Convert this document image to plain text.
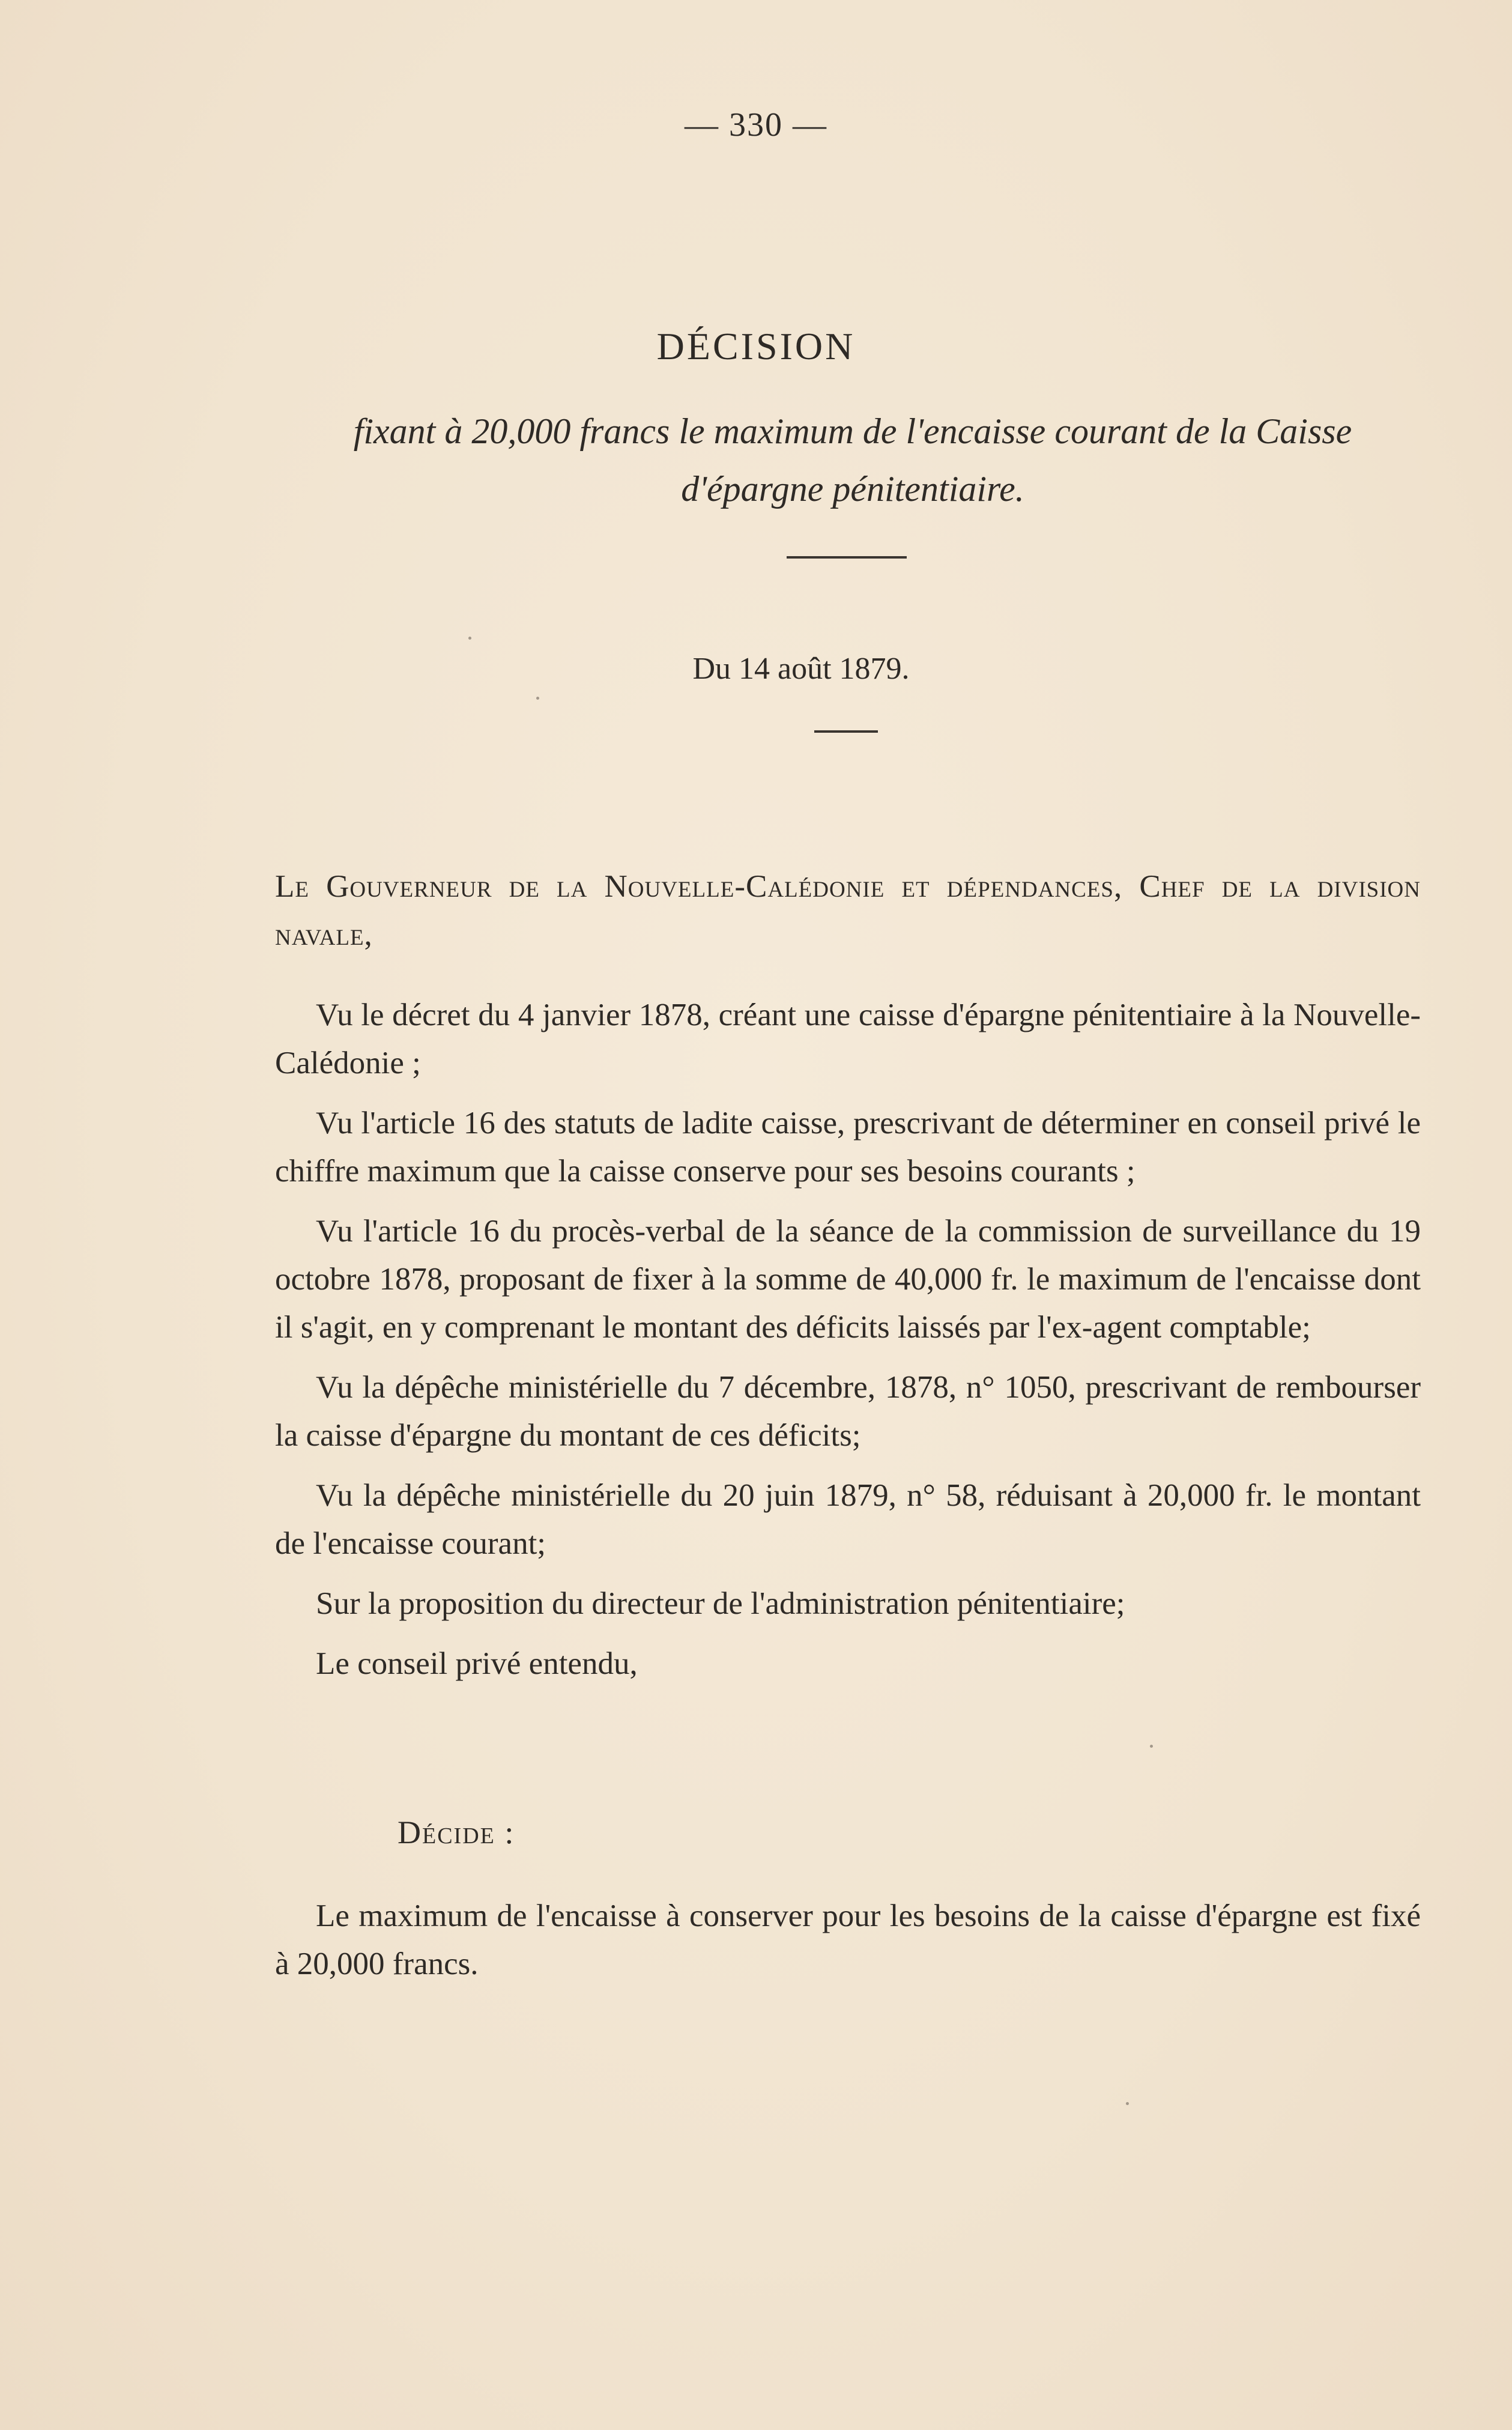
— 330 —
DÉCISION
fixant à 20,000 francs le maximum de l'encaisse courant de la Caisse d'épargne pénitentiaire.
Du 14 août 1879.
Le Gouverneur de la Nouvelle-Calédonie et dépendances, Chef de la division navale,

Vu le décret du 4 janvier 1878, créant une caisse d'épargne pénitentiaire à la Nouvelle-Calédonie ;

Vu l'article 16 des statuts de ladite caisse, prescrivant de déterminer en conseil privé le chiffre maximum que la caisse conserve pour ses besoins courants ;

Vu l'article 16 du procès-verbal de la séance de la commission de surveillance du 19 octobre 1878, proposant de fixer à la somme de 40,000 fr. le maximum de l'encaisse dont il s'agit, en y comprenant le montant des déficits laissés par l'ex-agent comptable;

Vu la dépêche ministérielle du 7 décembre, 1878, n° 1050, prescrivant de rembourser la caisse d'épargne du montant de ces déficits;

Vu la dépêche ministérielle du 20 juin 1879, n° 58, réduisant à 20,000 fr. le montant de l'encaisse courant;

Sur la proposition du directeur de l'administration pénitentiaire;

Le conseil privé entendu,

Décide :

Le maximum de l'encaisse à conserver pour les besoins de la caisse d'épargne est fixé à 20,000 francs.
